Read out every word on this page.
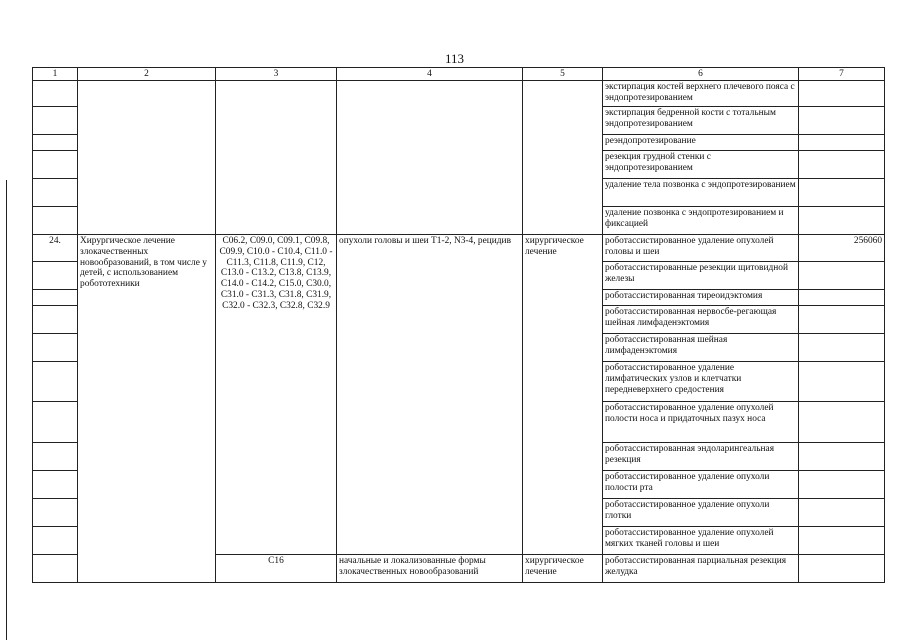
113
1	2	3	4	5	6	7
					экстирпация костей верхнего плечевого пояса с эндопротезированием	
					экстирпация бедренной кости с тотальным эндопротезированием	
					реэндопротезирование	
					резекция грудной стенки с эндопротезированием	
					удаление тела позвонка с эндопротезированием	
					удаление позвонка с эндопротезированием и фиксацией	
24.	Хирургическое лечение злокачественных новообразований, в том числе у детей, с использованием робототехники	С06.2, С09.0, С09.1, С09.8, С09.9, С10.0 - С10.4, С11.0 - С11.3, С11.8, С11.9, С12, С13.0 - С13.2, С13.8, С13.9, С14.0 - С14.2, С15.0, С30.0, С31.0 - С31.3, С31.8, С31.9, С32.0 - С32.3, С32.8, С32.9	опухоли головы и шеи Т1-2, N3-4, рецидив	хирургическое лечение	роботассистированное удаление опухолей головы и шеи	256060
					роботассистированные резекции щитовидной железы	
					роботассистированная тиреоидэктомия	
					роботассистированная нервосбе-регающая шейная лимфаденэктомия	
					роботассистированная шейная лимфаденэктомия	
					роботассистированное удаление лимфатических узлов и клетчатки передневерхнего средостения	
					роботассистированное удаление опухолей полости носа и придаточных пазух носа	
					роботассистированная эндоларингеальная резекция	
					роботассистированное удаление опухоли полости рта	
					роботассистированное удаление опухоли глотки	
					роботассистированное удаление опухолей мягких тканей головы и шеи	
		С16	начальные и локализованные формы злокачественных новообразований	хирургическое лечение	роботассистированная парциальная резекция желудка	
